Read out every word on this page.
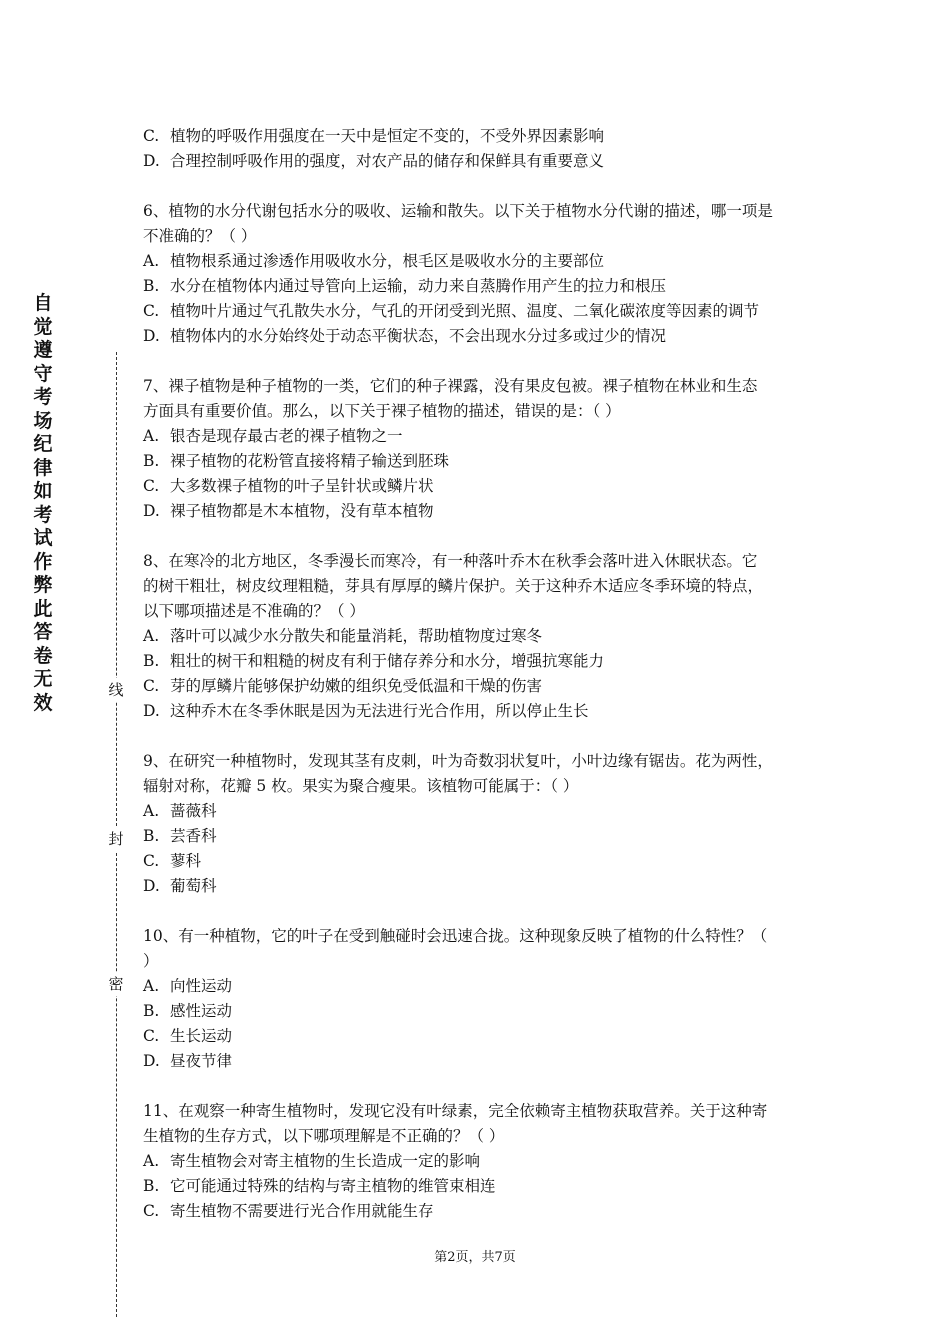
自觉遵守考场纪律如考试作弊此答卷无效
线
封
密
C. 植物的呼吸作用强度在一天中是恒定不变的，不受外界因素影响
D. 合理控制呼吸作用的强度，对农产品的储存和保鲜具有重要意义
6、植物的水分代谢包括水分的吸收、运输和散失。以下关于植物水分代谢的描述，哪一项是
不准确的？（ ）
A. 植物根系通过渗透作用吸收水分，根毛区是吸收水分的主要部位
B. 水分在植物体内通过导管向上运输，动力来自蒸腾作用产生的拉力和根压
C. 植物叶片通过气孔散失水分，气孔的开闭受到光照、温度、二氧化碳浓度等因素的调节
D. 植物体内的水分始终处于动态平衡状态，不会出现水分过多或过少的情况
7、裸子植物是种子植物的一类，它们的种子裸露，没有果皮包被。裸子植物在林业和生态
方面具有重要价值。那么，以下关于裸子植物的描述，错误的是：（ ）
A. 银杏是现存最古老的裸子植物之一
B. 裸子植物的花粉管直接将精子输送到胚珠
C. 大多数裸子植物的叶子呈针状或鳞片状
D. 裸子植物都是木本植物，没有草本植物
8、在寒冷的北方地区，冬季漫长而寒冷，有一种落叶乔木在秋季会落叶进入休眠状态。它
的树干粗壮，树皮纹理粗糙，芽具有厚厚的鳞片保护。关于这种乔木适应冬季环境的特点，
以下哪项描述是不准确的？（ ）
A. 落叶可以减少水分散失和能量消耗，帮助植物度过寒冬
B. 粗壮的树干和粗糙的树皮有利于储存养分和水分，增强抗寒能力
C. 芽的厚鳞片能够保护幼嫩的组织免受低温和干燥的伤害
D. 这种乔木在冬季休眠是因为无法进行光合作用，所以停止生长
9、在研究一种植物时，发现其茎有皮刺，叶为奇数羽状复叶，小叶边缘有锯齿。花为两性，
辐射对称，花瓣 5 枚。果实为聚合瘦果。该植物可能属于：（ ）
A. 蔷薇科
B. 芸香科
C. 蓼科
D. 葡萄科
10、有一种植物，它的叶子在受到触碰时会迅速合拢。这种现象反映了植物的什么特性？（
）
A. 向性运动
B. 感性运动
C. 生长运动
D. 昼夜节律
11、在观察一种寄生植物时，发现它没有叶绿素，完全依赖寄主植物获取营养。关于这种寄
生植物的生存方式，以下哪项理解是不正确的？（ ）
A. 寄生植物会对寄主植物的生长造成一定的影响
B. 它可能通过特殊的结构与寄主植物的维管束相连
C. 寄生植物不需要进行光合作用就能生存
第2页，共7页
